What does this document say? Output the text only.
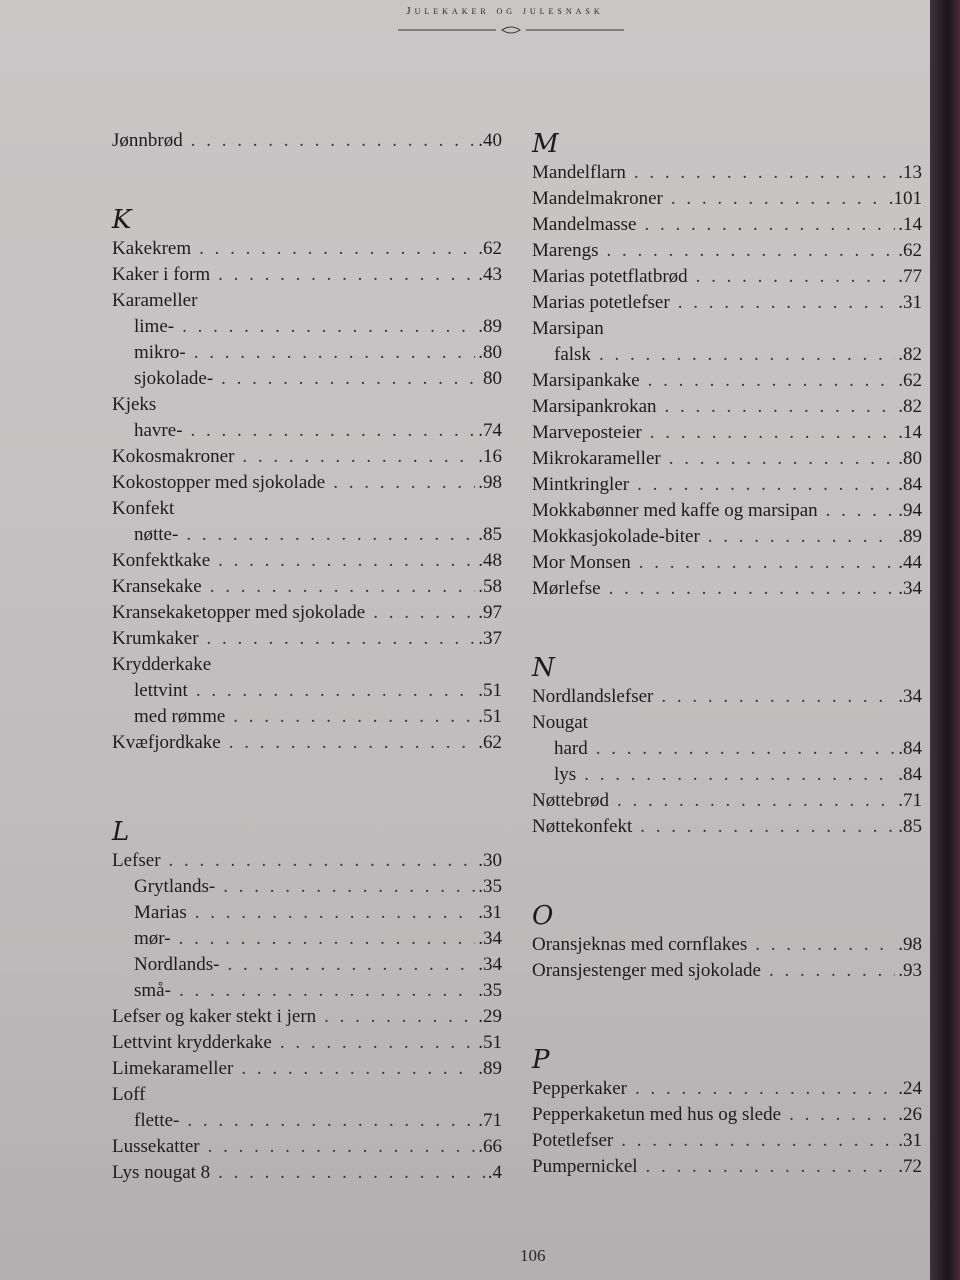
Julekaker og julesnask
Jønnbrød . . .	.40
K
Kakekrem . . .	.62
Kaker i form . . .	.43
Karameller
lime- . . .	.89
mikro- . . .	.80
sjokolade- . . .	80
Kjeks
havre- . . .	.74
Kokosmakroner . . .	.16
Kokostopper med sjokolade . . .	.98
Konfekt
nøtte- . . .	.85
Konfektkake . . .	.48
Kransekake . . .	.58
Kransekaketopper med sjokolade . . .	.97
Krumkaker . . .	.37
Krydderkake
lettvint . . .	.51
med rømme . . .	.51
Kvæfjordkake . . .	.62
L
Lefser . . .	.30
Grytlands- . . .	.35
Marias . . .	.31
mør- . . .	.34
Nordlands- . . .	.34
små- . . .	.35
Lefser og kaker stekt i jern . . .	.29
Lettvint krydderkake . . .	.51
Limekarameller . . .	.89
Loff
flette- . . .	.71
Lussekatter . . .	.66
Lys nougat 8 . . .	.4
M
Mandelflarn . . .	.13
Mandelmakroner . . .	.101
Mandelmasse . . .	.14
Marengs . . .	.62
Marias potetflatbrød . . .	.77
Marias potetlefser . . .	.31
Marsipan
falsk . . .	.82
Marsipankake . . .	.62
Marsipankrokan . . .	.82
Marveposteier . . .	.14
Mikrokarameller . . .	.80
Mintkringler . . .	.84
Mokkabønner med kaffe og marsipan . . .	.94
Mokkasjokolade-biter . . .	.89
Mor Monsen . . .	.44
Mørlefse . . .	.34
N
Nordlandslefser . . .	.34
Nougat
hard . . .	.84
lys . . .	.84
Nøttebrød . . .	.71
Nøttekonfekt . . .	.85
O
Oransjeknas med cornflakes . . .	.98
Oransjestenger med sjokolade . . .	.93
P
Pepperkaker . . .	.24
Pepperkaketun med hus og slede . . .	.26
Potetlefser . . .	.31
Pumpernickel . . .	.72
106
